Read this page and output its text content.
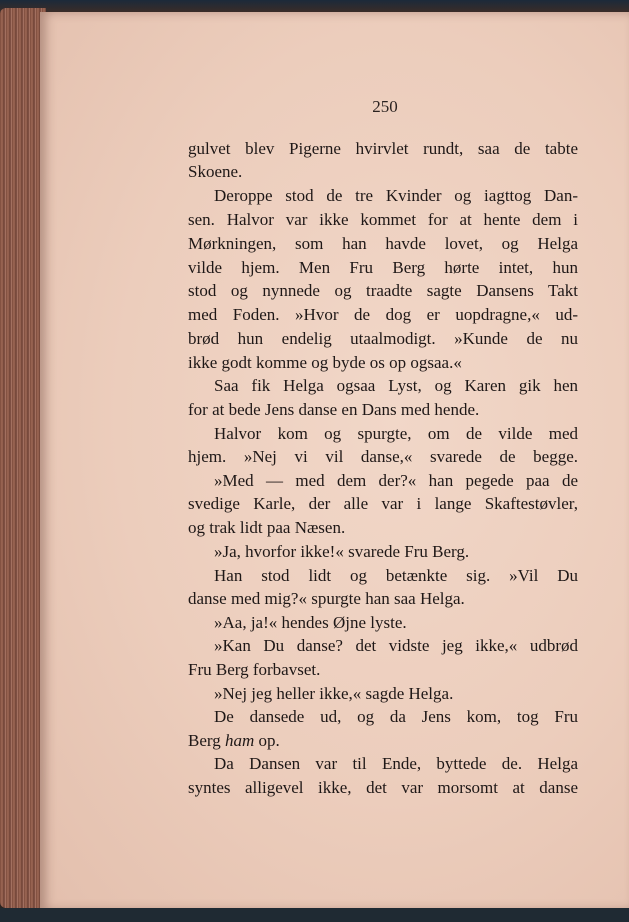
250
gulvet blev Pigerne hvirvlet rundt, saa de tabte
Skoene.
Deroppe stod de tre Kvinder og iagttog Dan-
sen. Halvor var ikke kommet for at hente dem i
Mørkningen, som han havde lovet, og Helga
vilde hjem. Men Fru Berg hørte intet, hun
stod og nynnede og traadte sagte Dansens Takt
med Foden. »Hvor de dog er uopdragne,« ud-
brød hun endelig utaalmodigt. »Kunde de nu
ikke godt komme og byde os op ogsaa.«
Saa fik Helga ogsaa Lyst, og Karen gik hen
for at bede Jens danse en Dans med hende.
Halvor kom og spurgte, om de vilde med
hjem. »Nej vi vil danse,« svarede de begge.
»Med — med dem der?« han pegede paa de
svedige Karle, der alle var i lange Skaftestøvler,
og trak lidt paa Næsen.
»Ja, hvorfor ikke!« svarede Fru Berg.
Han stod lidt og betænkte sig. »Vil Du
danse med mig?« spurgte han saa Helga.
»Aa, ja!« hendes Øjne lyste.
»Kan Du danse? det vidste jeg ikke,« udbrød
Fru Berg forbavset.
»Nej jeg heller ikke,« sagde Helga.
De dansede ud, og da Jens kom, tog Fru
Berg ham op.
Da Dansen var til Ende, byttede de. Helga
syntes alligevel ikke, det var morsomt at danse
